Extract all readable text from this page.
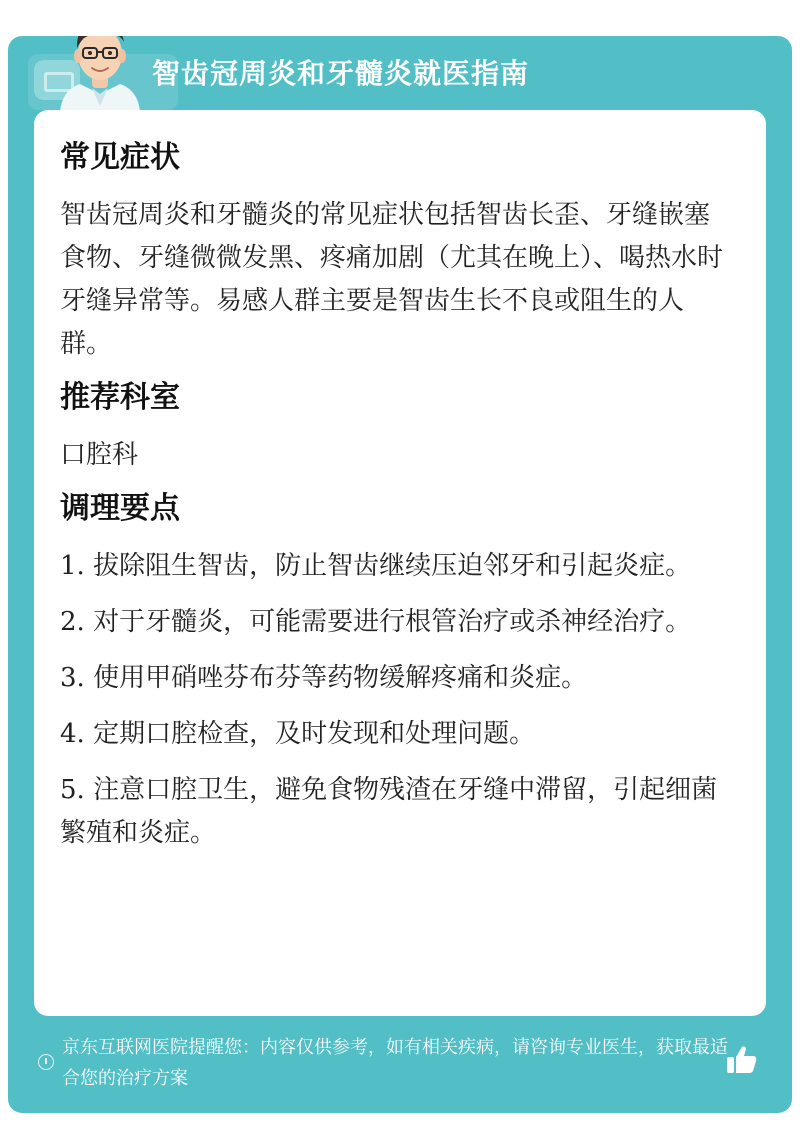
智齿冠周炎和牙髓炎就医指南
常见症状
智齿冠周炎和牙髓炎的常见症状包括智齿长歪、牙缝嵌塞食物、牙缝微微发黑、疼痛加剧（尤其在晚上）、喝热水时牙缝异常等。易感人群主要是智齿生长不良或阻生的人群。
推荐科室
口腔科
调理要点
1. 拔除阻生智齿，防止智齿继续压迫邻牙和引起炎症。
2. 对于牙髓炎，可能需要进行根管治疗或杀神经治疗。
3. 使用甲硝唑芬布芬等药物缓解疼痛和炎症。
4. 定期口腔检查，及时发现和处理问题。
5. 注意口腔卫生，避免食物残渣在牙缝中滞留，引起细菌繁殖和炎症。
京东互联网医院提醒您：内容仅供参考，如有相关疾病，请咨询专业医生，获取最适合您的治疗方案
